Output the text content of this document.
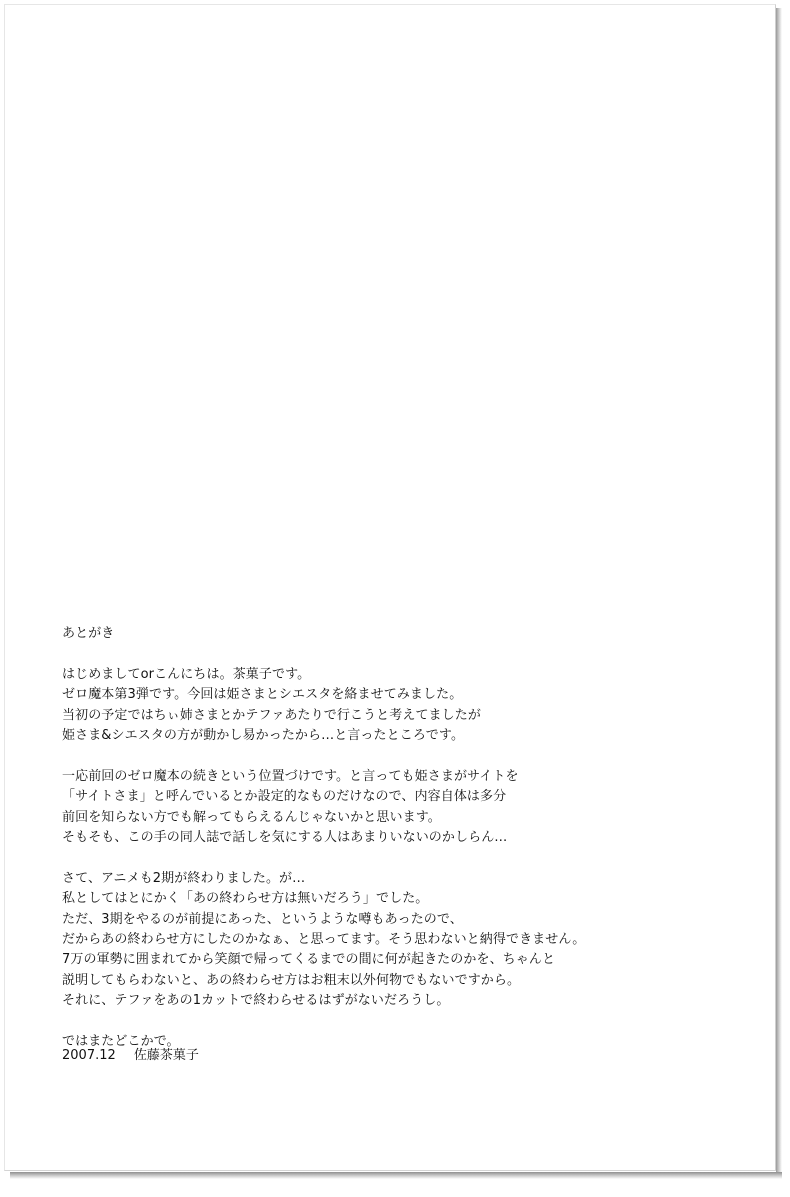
あとがき

はじめましてorこんにちは。茶菓子です。
ゼロ魔本第3弾です。今回は姫さまとシエスタを絡ませてみました。
当初の予定ではちぃ姉さまとかテファあたりで行こうと考えてましたが
姫さま&シエスタの方が動かし易かったから…と言ったところです。

一応前回のゼロ魔本の続きという位置づけです。と言っても姫さまがサイトを
「サイトさま」と呼んでいるとか設定的なものだけなので、内容自体は多分
前回を知らない方でも解ってもらえるんじゃないかと思います。
そもそも、この手の同人誌で話しを気にする人はあまりいないのかしらん…

さて、アニメも2期が終わりました。が…
私としてはとにかく「あの終わらせ方は無いだろう」でした。
ただ、3期をやるのが前提にあった、というような噂もあったので、
だからあの終わらせ方にしたのかなぁ、と思ってます。そう思わないと納得できません。
7万の軍勢に囲まれてから笑顔で帰ってくるまでの間に何が起きたのかを、ちゃんと
説明してもらわないと、あの終わらせ方はお粗末以外何物でもないですから。
それに、テファをあの1カットで終わらせるはずがないだろうし。

ではまたどこかで。

2007.12 佐藤茶菓子
